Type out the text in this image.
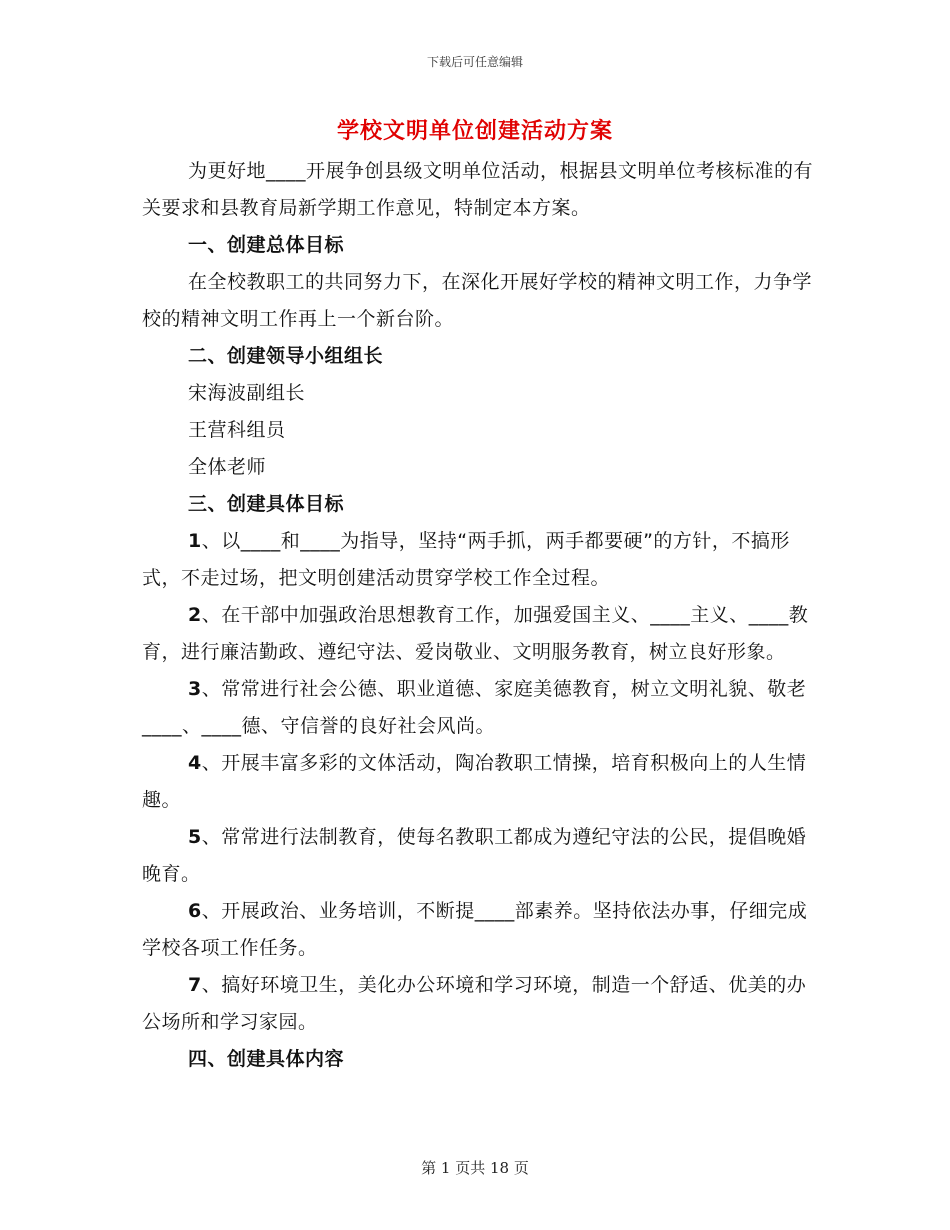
下载后可任意编辑
学校文明单位创建活动方案

为更好地____开展争创县级文明单位活动，根据县文明单位考核标准的有关要求和县教育局新学期工作意见，特制定本方案。

一、创建总体目标

在全校教职工的共同努力下，在深化开展好学校的精神文明工作，力争学校的精神文明工作再上一个新台阶。

二、创建领导小组组长

宋海波副组长

王营科组员

全体老师

三、创建具体目标

1、以____和____为指导，坚持“两手抓，两手都要硬”的方针，不搞形式，不走过场，把文明创建活动贯穿学校工作全过程。

2、在干部中加强政治思想教育工作，加强爱国主义、____主义、____教育，进行廉洁勤政、遵纪守法、爱岗敬业、文明服务教育，树立良好形象。

3、常常进行社会公德、职业道德、家庭美德教育，树立文明礼貌、敬老____、____德、守信誉的良好社会风尚。

4、开展丰富多彩的文体活动，陶冶教职工情操，培育积极向上的人生情趣。

5、常常进行法制教育，使每名教职工都成为遵纪守法的公民，提倡晚婚晚育。

6、开展政治、业务培训，不断提____部素养。坚持依法办事，仔细完成学校各项工作任务。

7、搞好环境卫生，美化办公环境和学习环境，制造一个舒适、优美的办公场所和学习家园。

四、创建具体内容

第 1 页共 18 页
